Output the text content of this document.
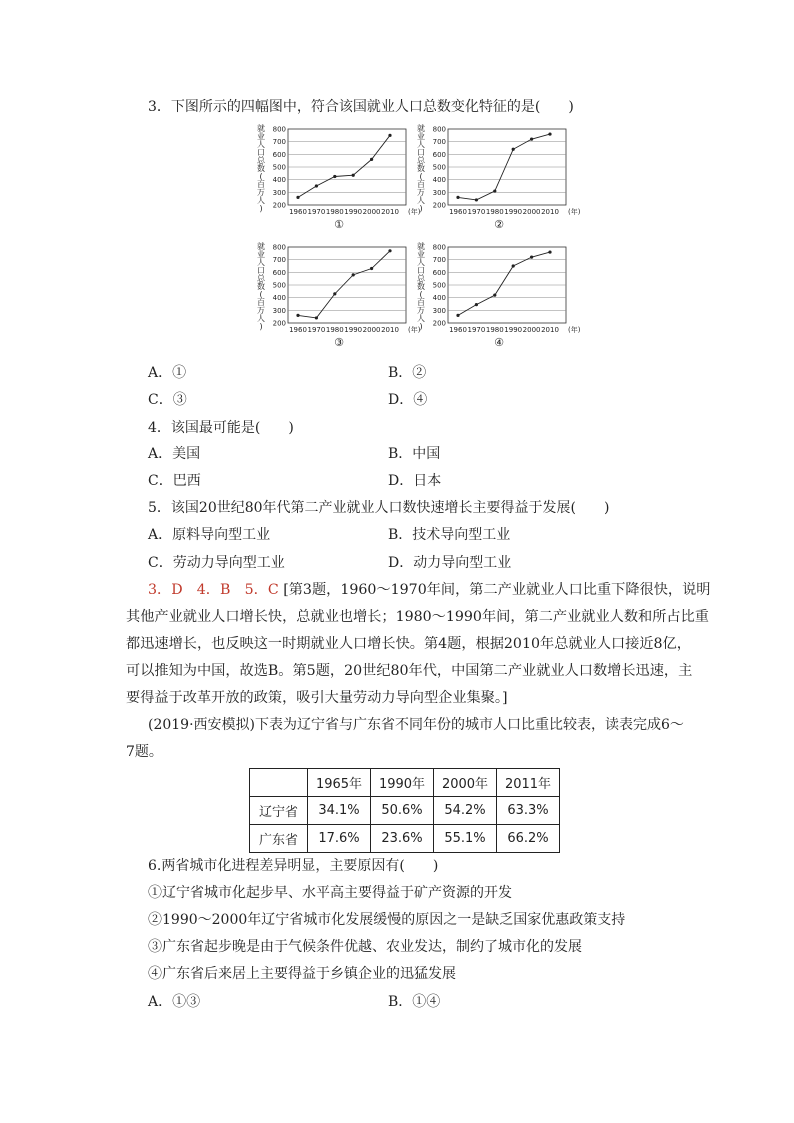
3．下图所示的四幅图中，符合该国就业人口总数变化特征的是(　　)
200
300
400
500
600
700
800
1960 1970 1980 1990 2000 2010 (年)
就业人口总数(百万人)
①
200
300
400
500
600
700
800
1960 1970 1980 1990 2000 2010 (年)
就业人口总数(百万人)
②
200
300
400
500
600
700
800
1960 1970 1980 1990 2000 2010 (年)
就业人口总数(百万人)
③
200
300
400
500
600
700
800
1960 1970 1980 1990 2000 2010 (年)
就业人口总数(百万人)
④
A．①	B．②
C．③	D．④
4．该国最可能是(　　)
A．美国	B．中国
C．巴西	D．日本
5．该国20世纪80年代第二产业就业人口数快速增长主要得益于发展(　　)
A．原料导向型工业	B．技术导向型工业
C．劳动力导向型工业	D．动力导向型工业
3．D　4．B　5．C [第3题，1960～1970年间，第二产业就业人口比重下降很快，说明
其他产业就业人口增长快，总就业也增长；1980～1990年间，第二产业就业人数和所占比重
都迅速增长，也反映这一时期就业人口增长快。第4题，根据2010年总就业人口接近8亿，
可以推知为中国，故选B。第5题，20世纪80年代，中国第二产业就业人口数增长迅速，主
要得益于改革开放的政策，吸引大量劳动力导向型企业集聚。]
(2019·西安模拟)下表为辽宁省与广东省不同年份的城市人口比重比较表，读表完成6～
7题。
	1965年	1990年	2000年	2011年
辽宁省	34.1%	50.6%	54.2%	63.3%
广东省	17.6%	23.6%	55.1%	66.2%
6.两省城市化进程差异明显，主要原因有(　　)
①辽宁省城市化起步早、水平高主要得益于矿产资源的开发
②1990～2000年辽宁省城市化发展缓慢的原因之一是缺乏国家优惠政策支持
③广东省起步晚是由于气候条件优越、农业发达，制约了城市化的发展
④广东省后来居上主要得益于乡镇企业的迅猛发展
A．①③	B．①④
